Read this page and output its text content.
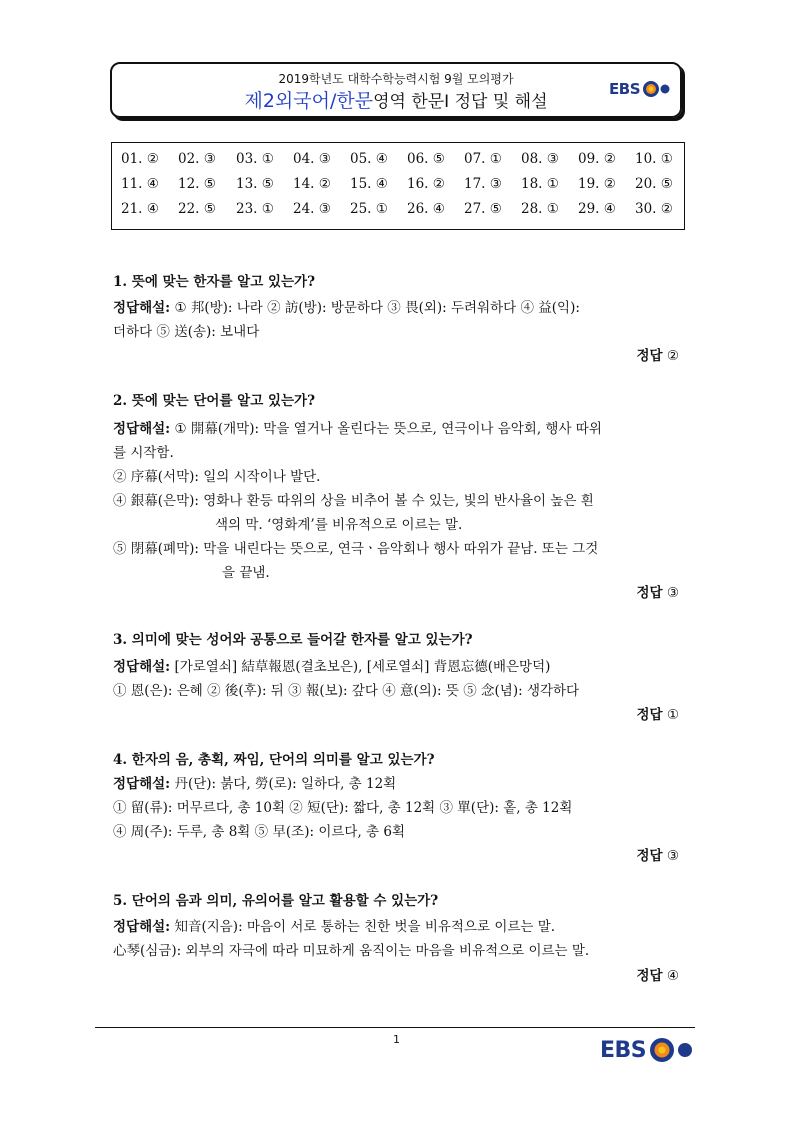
2019학년도 대학수학능력시험 9월 모의평가
제2외국어/한문영역 한문Ⅰ 정답 및 해설
EBS
01. ② 02. ③ 03. ① 04. ③ 05. ④ 06. ⑤ 07. ① 08. ③ 09. ② 10. ①
11. ④ 12. ⑤ 13. ⑤ 14. ② 15. ④ 16. ② 17. ③ 18. ① 19. ② 20. ⑤
21. ④ 22. ⑤ 23. ① 24. ③ 25. ① 26. ④ 27. ⑤ 28. ① 29. ④ 30. ②
1. 뜻에 맞는 한자를 알고 있는가?
정답해설: ① 邦(방): 나라 ② 訪(방): 방문하다 ③ 畏(외): 두려워하다 ④ 益(익):
더하다 ⑤ 送(송): 보내다
정답 ②
2. 뜻에 맞는 단어를 알고 있는가?
정답해설: ① 開幕(개막): 막을 열거나 올린다는 뜻으로, 연극이나 음악회, 행사 따위
를 시작함.
② 序幕(서막): 일의 시작이나 발단.
④ 銀幕(은막): 영화나 환등 따위의 상을 비추어 볼 수 있는, 빛의 반사율이 높은 흰
색의 막. ‘영화계’를 비유적으로 이르는 말.
⑤ 閉幕(폐막): 막을 내린다는 뜻으로, 연극ㆍ음악회나 행사 따위가 끝남. 또는 그것
을 끝냄.
정답 ③
3. 의미에 맞는 성어와 공통으로 들어갈 한자를 알고 있는가?
정답해설: [가로열쇠] 結草報恩(결초보은), [세로열쇠] 背恩忘德(배은망덕)
① 恩(은): 은혜 ② 後(후): 뒤 ③ 報(보): 갚다 ④ 意(의): 뜻 ⑤ 念(념): 생각하다
정답 ①
4. 한자의 음, 총획, 짜임, 단어의 의미를 알고 있는가?
정답해설: 丹(단): 붉다, 勞(로): 일하다, 총 12획
① 留(류): 머무르다, 총 10획 ② 短(단): 짧다, 총 12획 ③ 單(단): 홑, 총 12획
④ 周(주): 두루, 총 8획 ⑤ 早(조): 이르다, 총 6획
정답 ③
5. 단어의 음과 의미, 유의어를 알고 활용할 수 있는가?
정답해설: 知音(지음): 마음이 서로 통하는 친한 벗을 비유적으로 이르는 말.
心琴(심금): 외부의 자극에 따라 미묘하게 움직이는 마음을 비유적으로 이르는 말.
정답 ④
1	EBS
